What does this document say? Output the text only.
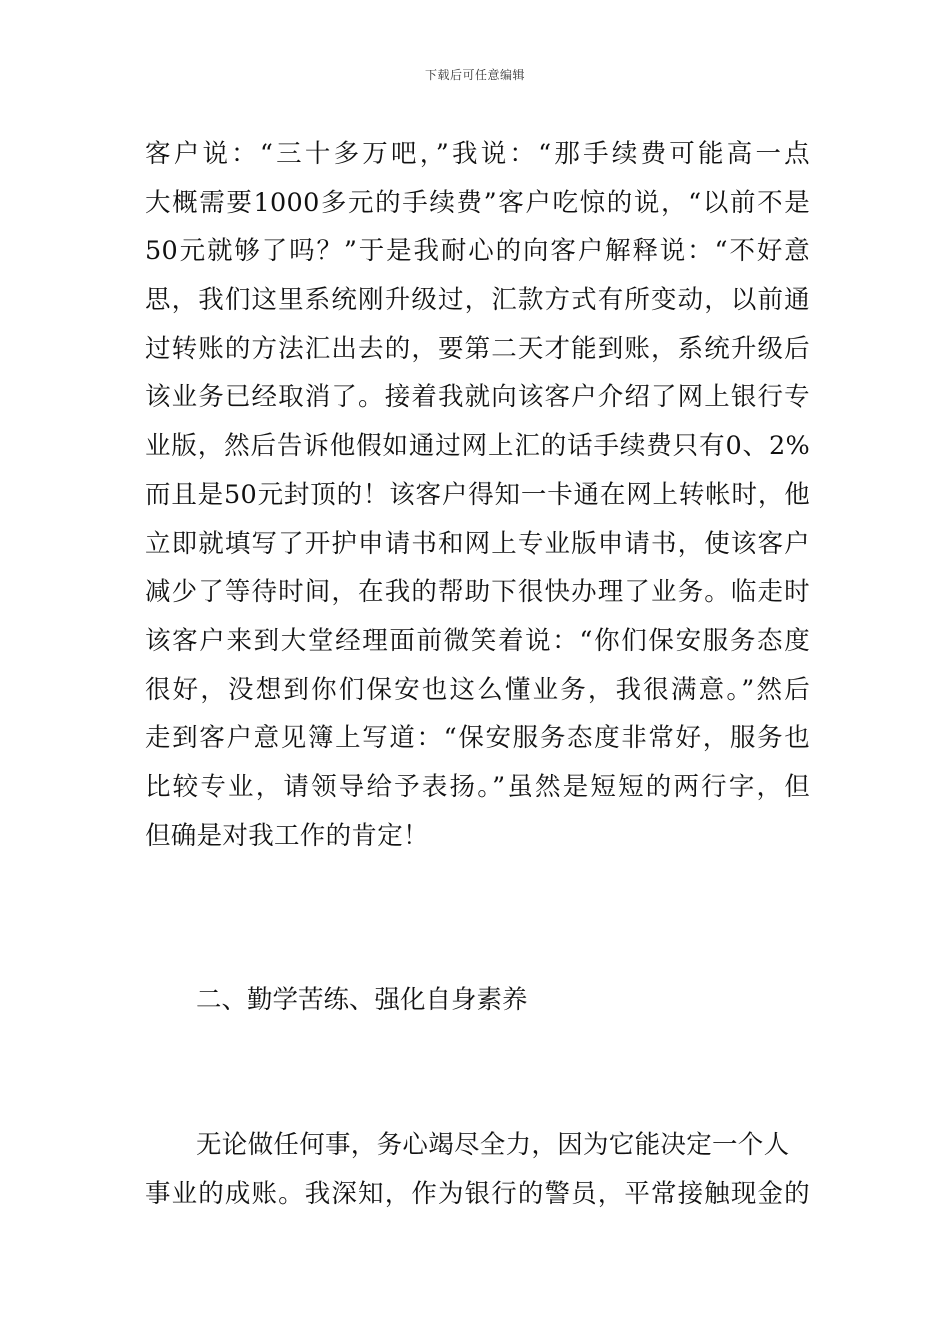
下载后可任意编辑
客户说：“三十多万吧，”我说：“那手续费可能高一点
大概需要1000多元的手续费”客户吃惊的说，“以前不是
50元就够了吗？”于是我耐心的向客户解释说：“不好意
思，我们这里系统刚升级过，汇款方式有所变动，以前通
过转账的方法汇出去的，要第二天才能到账，系统升级后
该业务已经取消了。接着我就向该客户介绍了网上银行专
业版，然后告诉他假如通过网上汇的话手续费只有0、2%
而且是50元封顶的！该客户得知一卡通在网上转帐时，他
立即就填写了开护申请书和网上专业版申请书，使该客户
减少了等待时间，在我的帮助下很快办理了业务。临走时
该客户来到大堂经理面前微笑着说：“你们保安服务态度
很好，没想到你们保安也这么懂业务，我很满意。”然后
走到客户意见簿上写道：“保安服务态度非常好，服务也
比较专业，请领导给予表扬。”虽然是短短的两行字，但
但确是对我工作的肯定！
二、勤学苦练、强化自身素养
无论做任何事，务心竭尽全力，因为它能决定一个人
事业的成账。我深知，作为银行的警员，平常接触现金的
